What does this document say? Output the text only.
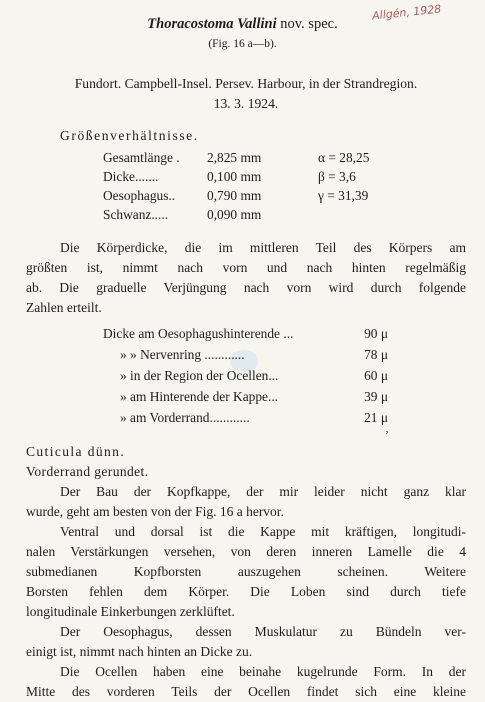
Allgén, 1928
Thoracostoma Vallini nov. spec.
(Fig. 16 a—b).
Fundort. Campbell-Insel. Persev. Harbour, in der Strandregion.
13. 3. 1924.
Größenverhältnisse.
Gesamtlänge . 2,825 mm	α = 28,25
Dicke.......	0,100 mm	β = 3,6
Oesophagus.. 0,790 mm	γ = 31,39
Schwanz.....	0,090 mm
Die Körperdicke, die im mittleren Teil des Körpers am
größten ist, nimmt nach vorn und nach hinten regelmäßig
ab. Die graduelle Verjüngung nach vorn wird durch folgende
Zahlen erteilt.
Dicke am Oesophagushinterende ...	90 μ
» » Nervenring ............	78 μ
» in der Region der Ocellen...	60 μ
» am Hinterende der Kappe...	39 μ
» am Vorderrand............	21 μ
ʼ
Cuticula dünn.
Vorderrand gerundet.
Der Bau der Kopfkappe, der mir leider nicht ganz klar
wurde, geht am besten von der Fig. 16 a hervor.
Ventral und dorsal ist die Kappe mit kräftigen, longitudi-
nalen Verstärkungen versehen, von deren inneren Lamelle die 4
submedianen Kopfborsten auszugehen scheinen. Weitere
Borsten fehlen dem Körper. Die Loben sind durch tiefe
longitudinale Einkerbungen zerklüftet.
Der Oesophagus, dessen Muskulatur zu Bündeln ver-
einigt ist, nimmt nach hinten an Dicke zu.
Die Ocellen haben eine beinahe kugelrunde Form. In der
Mitte des vorderen Teils der Ocellen findet sich eine kleine
